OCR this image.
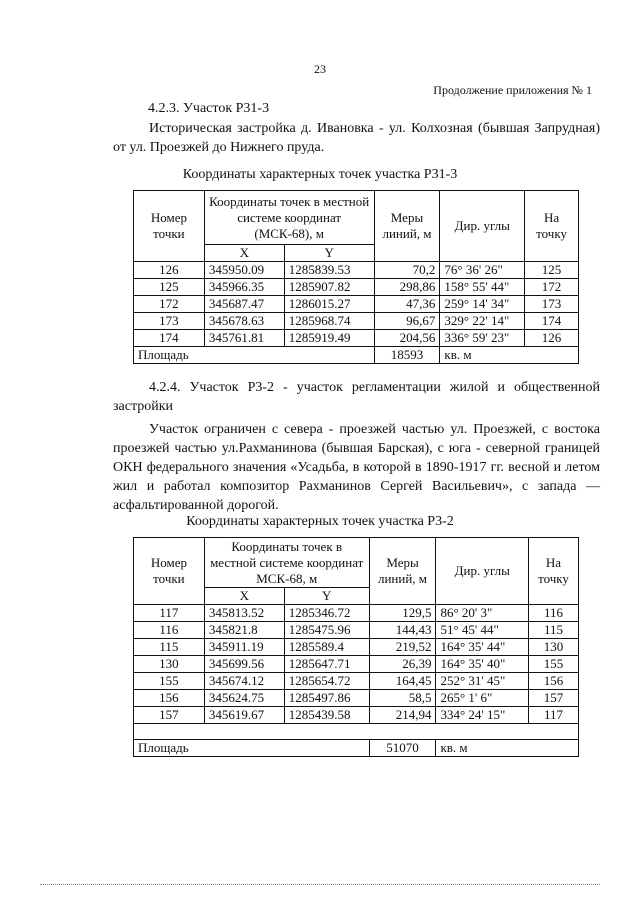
23
Продолжение приложения № 1
4.2.3. Участок Р31-3
Историческая застройка д. Ивановка - ул. Колхозная (бывшая Запрудная) от ул. Проезжей до Нижнего пруда.
Координаты характерных точек участка Р31-3
Номер точки	Координаты точек в местной системе координат (МСК-68), м		Меры линий, м	Дир. углы	На точку
	X	Y			
126	345950.09	1285839.53	70,2	76° 36' 26"	125
125	345966.35	1285907.82	298,86	158° 55' 44"	172
172	345687.47	1286015.27	47,36	259° 14' 34"	173
173	345678.63	1285968.74	96,67	329° 22' 14"	174
174	345761.81	1285919.49	204,56	336° 59' 23"	126
Площадь			18593	кв. м	
4.2.4. Участок Р3-2 - участок регламентации жилой и общественной застройки
Участок ограничен с севера - проезжей частью ул. Проезжей, с востока проезжей частью ул.Рахманинова (бывшая Барская), с юга - северной границей ОКН федерального значения «Усадьба, в которой в 1890-1917 гг. весной и летом жил и работал композитор Рахманинов Сергей Васильевич», с запада — асфальтированной дорогой.
Координаты характерных точек участка Р3-2
Номер точки	Координаты точек в местной системе координат МСК-68, м		Меры линий, м	Дир. углы	На точку
	X	Y			
117	345813.52	1285346.72	129,5	86° 20' 3"	116
116	345821.8	1285475.96	144,43	51° 45' 44"	115
115	345911.19	1285589.4	219,52	164° 35' 44"	130
130	345699.56	1285647.71	26,39	164° 35' 40"	155
155	345674.12	1285654.72	164,45	252° 31' 45"	156
156	345624.75	1285497.86	58,5	265° 1' 6"	157
157	345619.67	1285439.58	214,94	334° 24' 15"	117

Площадь			51070	кв. м	
